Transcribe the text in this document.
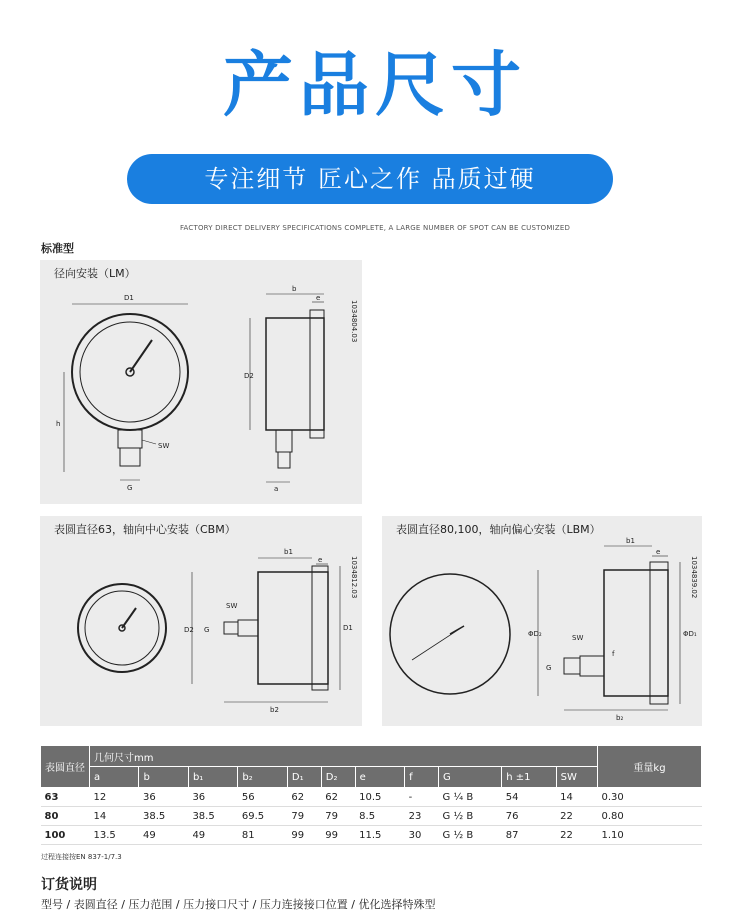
产品尺寸
专注细节 匠心之作 品质过硬
FACTORY DIRECT DELIVERY SPECIFICATIONS COMPLETE, A LARGE NUMBER OF SPOT CAN BE CUSTOMIZED
标准型
径向安装（LM）
D1
h
SW
G
b
e
D2
a
1034804.03
表圆直径63，轴向中心安装（CBM）
b1
e
SW
D2 G	D1
b2
1034812.03
表圆直径80,100，轴向偏心安装（LBM）
b1
e
SW
ΦD₂
G
f
ΦD₁
b₂
1034839.02
表圆直径	几何尺寸mm											重量kg
	a	b	b₁	b₂	D₁	D₂	e	f	G	h ±1	SW	
63	12	36	36	56	62	62	10.5	-	G ¼ B	54	14	0.30
80	14	38.5	38.5	69.5	79	79	8.5	23	G ½ B	76	22	0.80
100	13.5	49	49	81	99	99	11.5	30	G ½ B	87	22	1.10
过程连接按EN 837-1/7.3
订货说明
型号 / 表圆直径 / 压力范围 / 压力接口尺寸 / 压力连接接口位置 / 优化选择特殊型
